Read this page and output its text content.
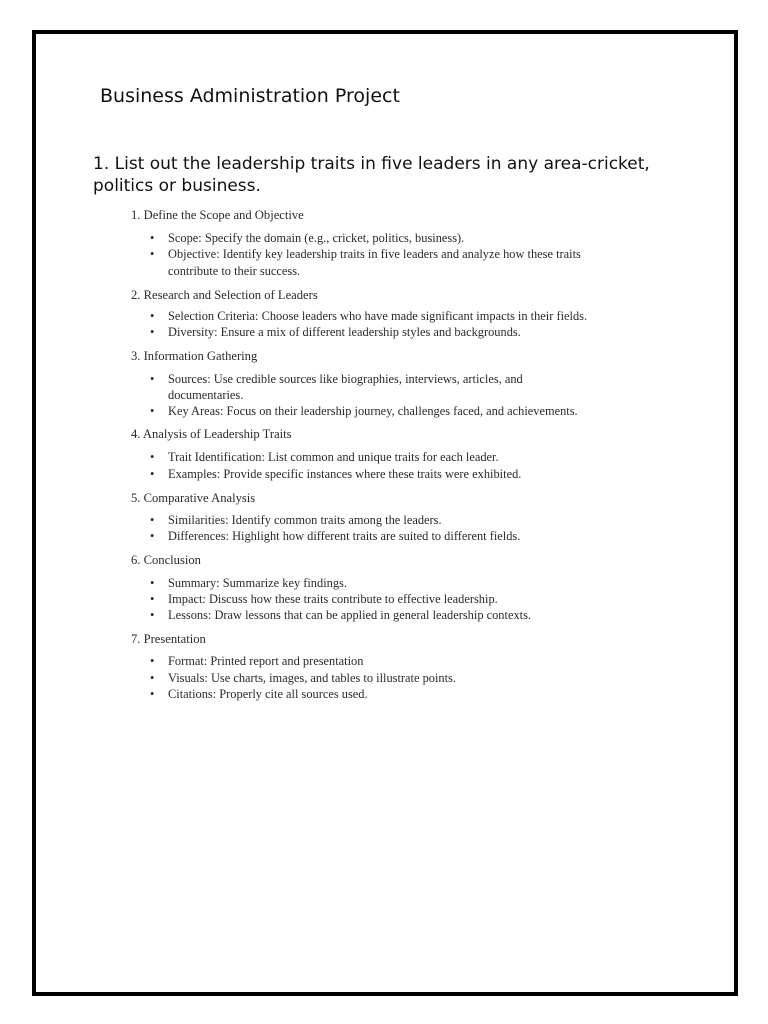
Business Administration Project

1. List out the leadership traits in five leaders in any area-cricket, politics or business.

1. Define the Scope and Objective
• Scope: Specify the domain (e.g., cricket, politics, business).
• Objective: Identify key leadership traits in five leaders and analyze how these traits contribute to their success.
2. Research and Selection of Leaders
• Selection Criteria: Choose leaders who have made significant impacts in their fields.
• Diversity: Ensure a mix of different leadership styles and backgrounds.
3. Information Gathering
• Sources: Use credible sources like biographies, interviews, articles, and documentaries.
• Key Areas: Focus on their leadership journey, challenges faced, and achievements.
4. Analysis of Leadership Traits
• Trait Identification: List common and unique traits for each leader.
• Examples: Provide specific instances where these traits were exhibited.
5. Comparative Analysis
• Similarities: Identify common traits among the leaders.
• Differences: Highlight how different traits are suited to different fields.
6. Conclusion
• Summary: Summarize key findings.
• Impact: Discuss how these traits contribute to effective leadership.
• Lessons: Draw lessons that can be applied in general leadership contexts.
7. Presentation
• Format: Printed report and presentation
• Visuals: Use charts, images, and tables to illustrate points.
• Citations: Properly cite all sources used.
